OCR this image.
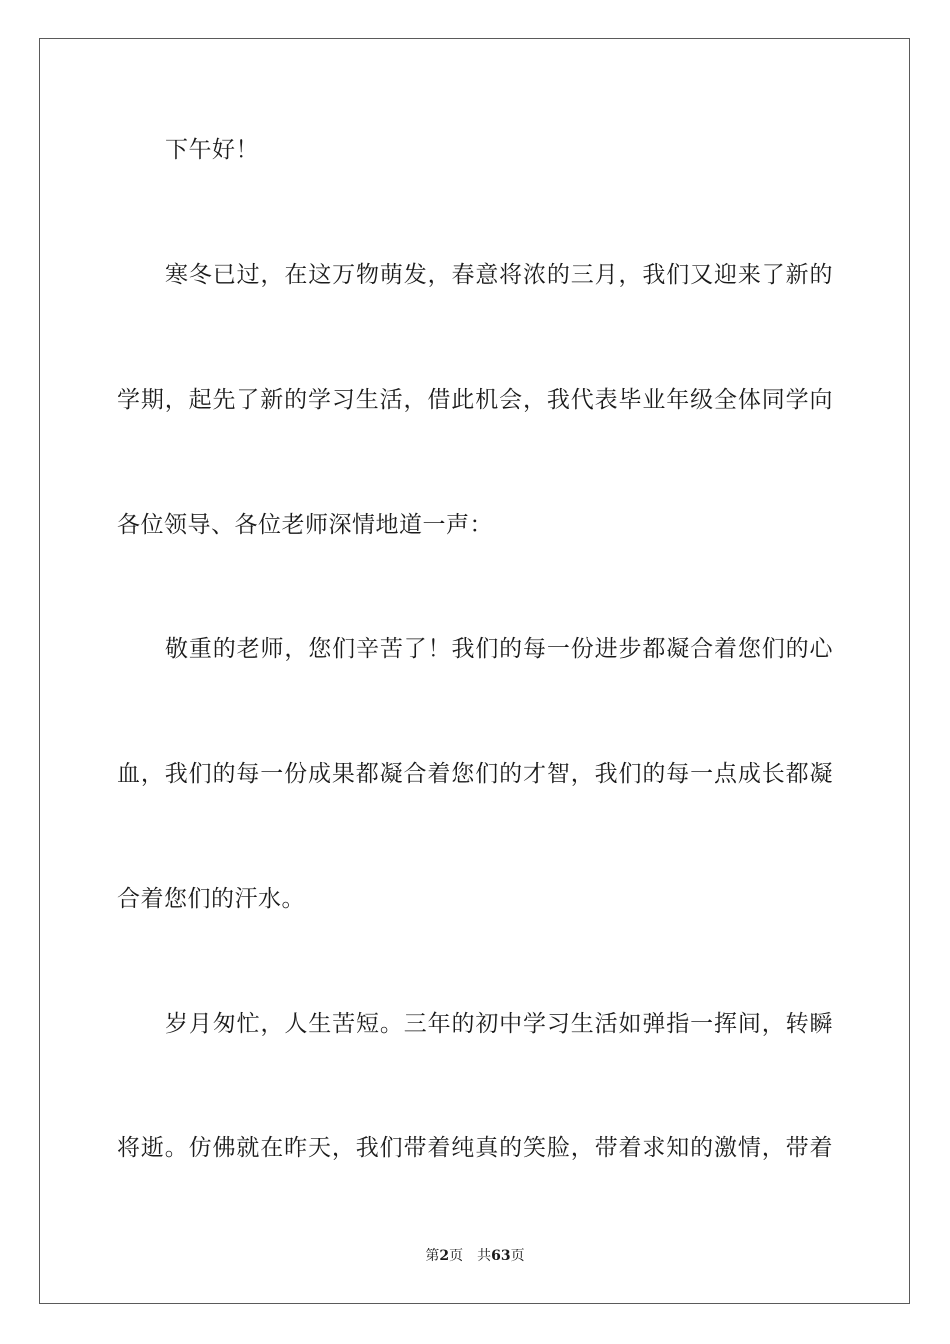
下午好！
寒冬已过，在这万物萌发，春意将浓的三月，我们又迎来了新的
学期，起先了新的学习生活，借此机会，我代表毕业年级全体同学向
各位领导、各位老师深情地道一声：
敬重的老师，您们辛苦了！我们的每一份进步都凝合着您们的心
血，我们的每一份成果都凝合着您们的才智，我们的每一点成长都凝
合着您们的汗水。
岁月匆忙，人生苦短。三年的初中学习生活如弹指一挥间，转瞬
将逝。仿佛就在昨天，我们带着纯真的笑脸，带着求知的激情，带着
第2页 共63页
